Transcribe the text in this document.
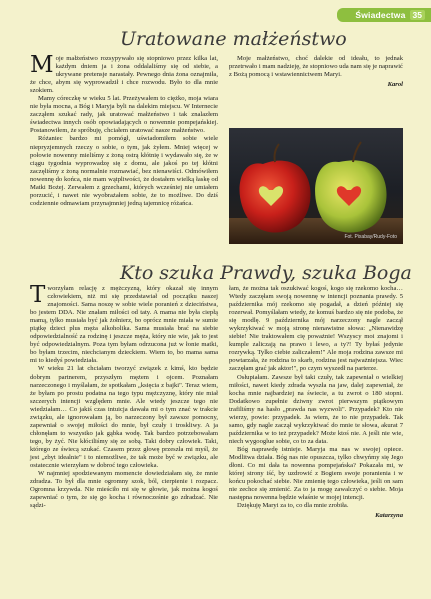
Świadectwa 35
Uratowane małżeństwo

Moje małżeństwo rozsypywało się stopniowo przez kilka lat, każdym dniem ja i żona oddalaliśmy się od siebie, a ukrywane pretensje narastały. Pewnego dnia żona oznajmiła, że chce, abym się wyprowadził i chce rozwodu. Było to dla mnie szokiem.

Mamy córeczkę w wieku 5 lat. Przeżywałem to ciężko, moja wiara nie była mocna, a Bóg i Maryja byli na dalekim miejscu. W Internecie zacząłem szukać rady, jak uratować małżeństwo i tak znalazłem świadectwa innych osób opowiadających o nowennie pompejańskiej. Postanowiłem, że spróbuję, chciałem uratować nasze małżeństwo.

Różaniec bardzo mi pomógł, uświadomiłem sobie wiele niepryzjemnych rzeczy o sobie, o tym, jak żyłem. Mniej więcej w połowie nowenny mieliśmy z żoną ostrą kłótnię i wydawało się, że w ciągu tygodnia wyprowadzę się z domu, ale jakoś po tej kłótni zaczęliśmy z żoną normalnie rozmawiać, bez nienawiści. Odmówiłem nowennę do końca, nie mam wątpliwości, że dostałem wielką łaskę od Matki Bożej. Zerwałem z grzechami, których wcześniej nie umiałem porzucić, i nawet nie wyobrażałem sobie, że to możliwe. Do dziś codziennie odmawiam przynajmniej jedną tajemnicę różańca.

Moje małżeństwo, choć dalekie od ideału, to jednak przetrwało i mam nadzieję, że stopniowo uda nam się je naprawić z Bożą pomocą i wstawiennictwem Maryi.

Karol

Fot. Pixabay/Rudy-Foto
Kto szuka Prawdy, szuka Boga

Tworzyłam relację z mężczyzną, który okazał się innym człowiekiem, niż mi się przedstawiał od początku naszej znajomości. Sama noszę w sobie wiele poranień z dzieciństwa, bo jestem DDA. Nie znałam miłości od taty. A mama nie była ciepłą mamą, tylko musiała być jak żołnierz, bo oprócz mnie miała w sumie piątkę dzieci plus męża alkoholika. Sama musiała brać na siebie odpowiedzialność za rodzinę i jeszcze męża, który nie wie, jak to jest być odpowiedzialnym. Poza tym byłam odrzucona już w łonie matki, bo byłam trzecim, niechcianym dzieckiem. Wiem to, bo mama sama mi to kiedyś powiedziała.

W wieku 21 lat chciałam tworzyć związek z kimś, kto będzie dobrym partnerem, przyszłym mężem i ojcem. Poznałam narzeczonego i myślałam, że spotkałam „księcia z bajki". Teraz wiem, że byłam po prostu podatna na tego typu mężczyznę, który nie miał szczerych intencji względem mnie. Ale wtedy jeszcze tego nie wiedziałam… Co jakiś czas intuicja dawała mi o tym znać w trakcie związku, ale ignorowałam ją, bo narzeczony był zawsze pomocny, zapewniał o swojej miłości do mnie, był czuły i troskliwy. A ja chłonęłam to wszystko jak gąbka wodę. Tak bardzo potrzebowałam tego, by żyć. Nie kłóciliśmy się ze sobą. Taki dobry człowiek. Taki, którego ze świecą szukać. Czasem przez głowę przeszła mi myśl, że jest „zbyt idealnie" i to niemożliwe, że tak może być w związku, ale ostatecznie wierzyłam w dobroć tego człowieka.

W najmniej spodziewanym momencie dowiedziałam się, że mnie zdradza. To był dla mnie ogromny szok, ból, cierpienie i rozpacz. Ogromna krzywda. Nie mieściło mi się w głowie, jak można kogoś zapewniać o tym, że się go kocha i równocześnie go zdradzać. Nie sądzi-

łam, że można tak oszukiwać kogoś, kogo się rzekomo kocha… Wtedy zaczęłam swoją nowennę w intencji poznania prawdy. 5 października mój rzekomo się pogadał, a dzień później się rozerwał. Pomyślałam wtedy, że komuś bardzo się nie podoba, że się modlę. 9 października mój narzeczony nagle zaczął wykrzykiwać w moją stronę nienawistne słowa: „Nienawidzę siebie! Nie traktowałem cię poważnie! Wszyscy moi znajomi i kumple zaliczają na prawo i lewo, a ty?! Ty byłaś jedynie rozrywką. Tylko ciebie zaliczałem!" Ale moja rodzina zawsze mi powtarzała, że rodzina to skarb, rodzina jest najważniejsza. Wiec zaczęłam grać jak aktor!", po czym wyszedł na parterze.

Osłupiałam. Zawsze był taki czuły, tak zapewniał o wielkiej miłości, nawet kiedy zdrada wyszła na jaw, dalej zapewniał, że kocha mnie najbardziej na świecie, a tu zwrot o 180 stopni. Dodatkowo zupełnie dziwny zwrot pierwszym piątkowym trafiliśmy na hasło „prawda nas wyzwoli". Przypadek? Kto nie wierzy, powie: przypadek. Ja wiem, że to nie przypadek. Tak samo, gdy nagle zaczął wykrzykiwać do mnie te słowa, akurat 7 października w to też przypadek? Może ktoś nie. A jeśli nie wie, niech wygooglue sobie, co to za data.

Bóg naprawdę istnieje. Maryja ma nas w swojej opiece. Modlitwa działa. Bóg nas nie opuszcza, tylko chwyńmy się Jego dłoni. Co mi dała ta nowenna pompejańska? Pokazała mi, w której strony iść, by uzdrowić z Bogiem swoje poranienia i w końcu pokochać siebie. Nie zmienię tego człowieka, jeśli on sam nie zechce się zmienić. Za to ja mogę zawalczyć o siebie. Moja następna nowenna będzie właśnie w mojej intencji.

Dziękuję Maryi za to, co dla mnie zrobiła.

Katarzyna
